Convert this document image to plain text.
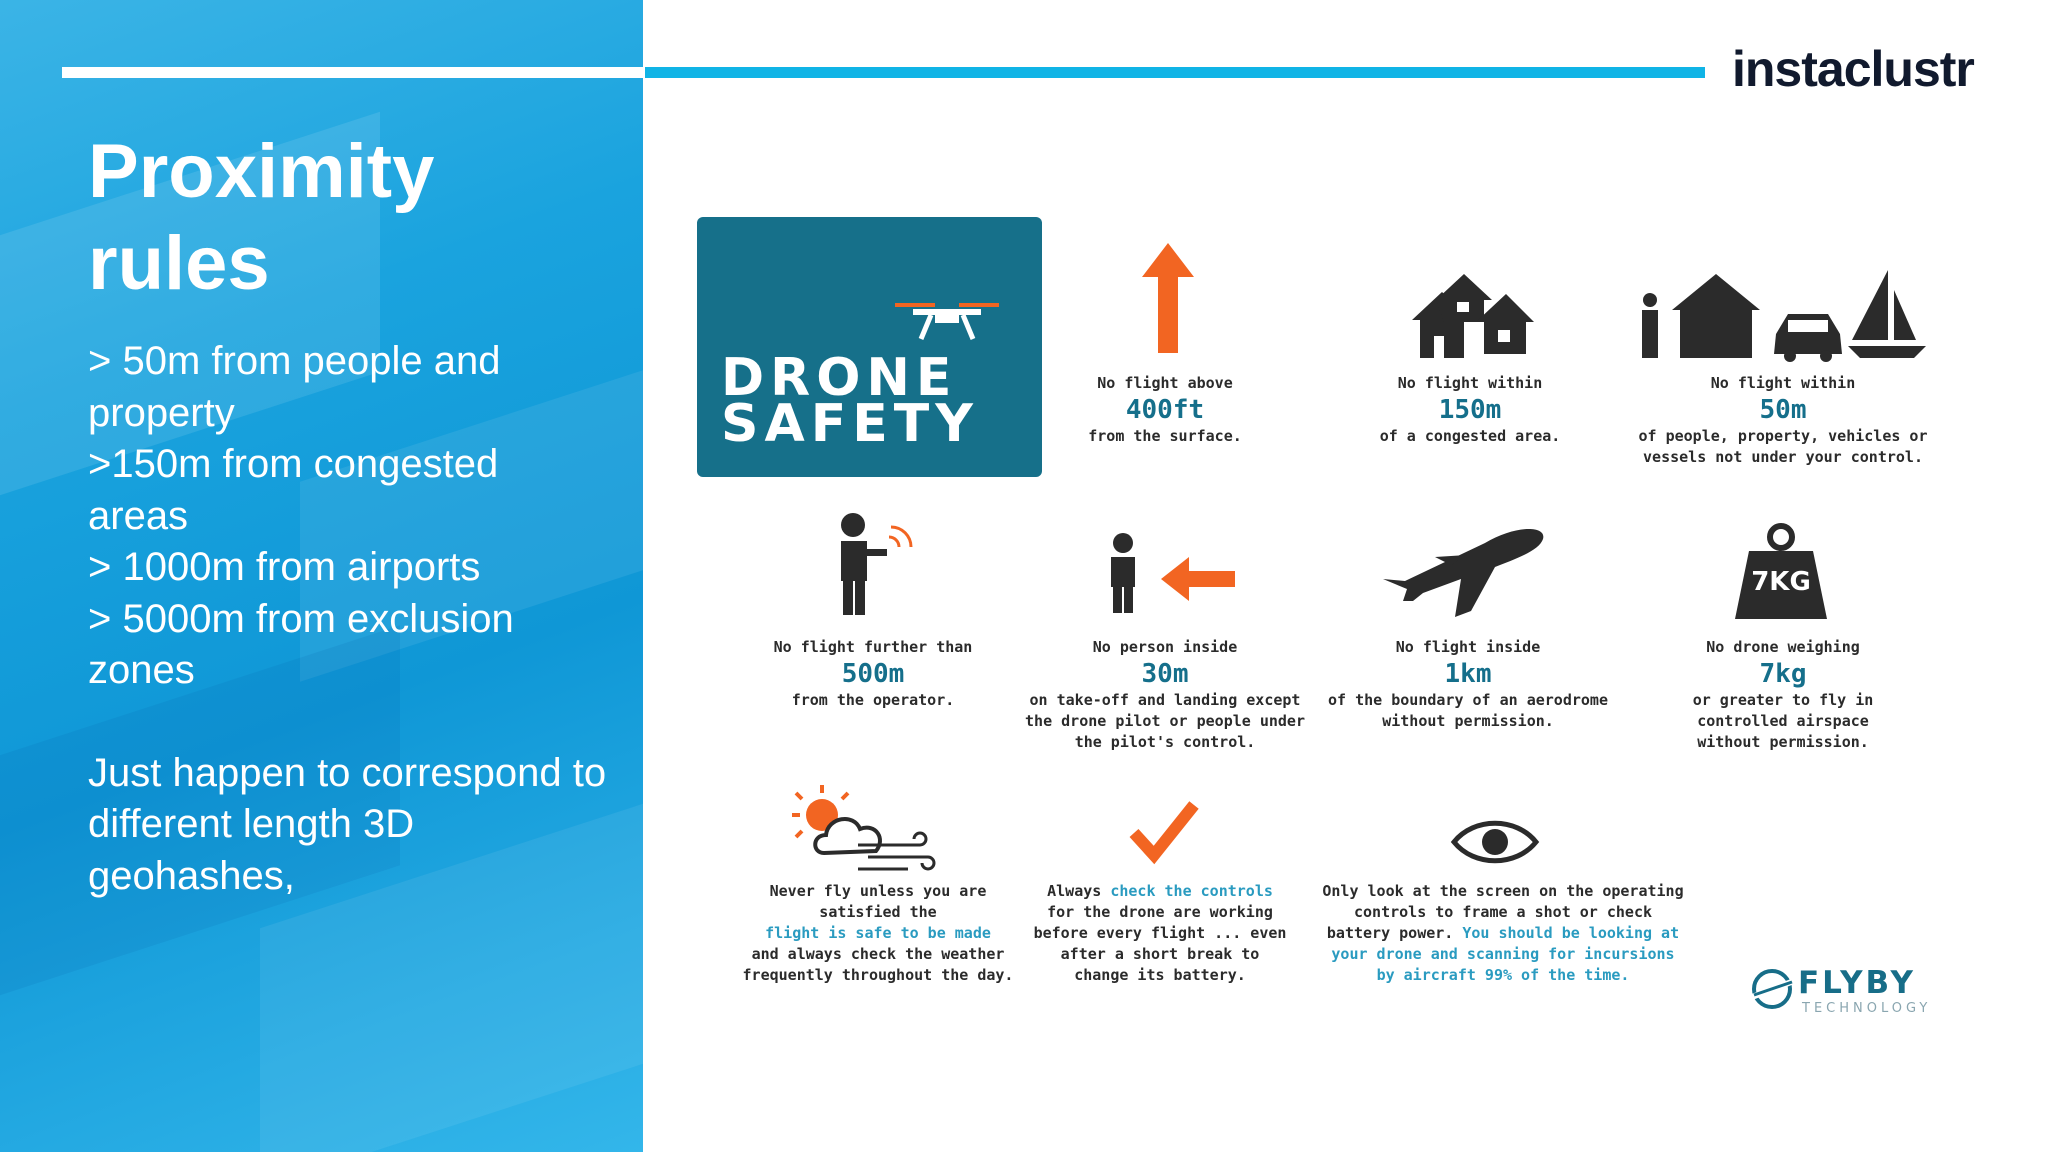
instaclustr
Proximity rules

> 50m from people and property

>150m from congested areas

> 1000m from airports

> 5000m from exclusion zones

Just happen to correspond to different length 3D geohashes,

DRONE
SAFETY
No flight above
400ft
from the surface.
No flight within
150m
of a congested area.
No flight within
50m
of people, property, vehicles or vessels not under your control.
No flight further than
500m
from the operator.
No person inside
30m
on take-off and landing except the drone pilot or people under the pilot's control.
No flight inside
1km
of the boundary of an aerodrome without permission.
7KG
No drone weighing
7kg
or greater to fly in controlled airspace without permission.
Never fly unless you are satisfied the
flight is safe to be made
and always check the weather frequently throughout the day.
Always check the controls for the drone are working before every flight ... even after a short break to change its battery.
Only look at the screen on the operating controls to frame a shot or check battery power. You should be looking at your drone and scanning for incursions by aircraft 99% of the time.	FLYBY
TECHNOLOGY
